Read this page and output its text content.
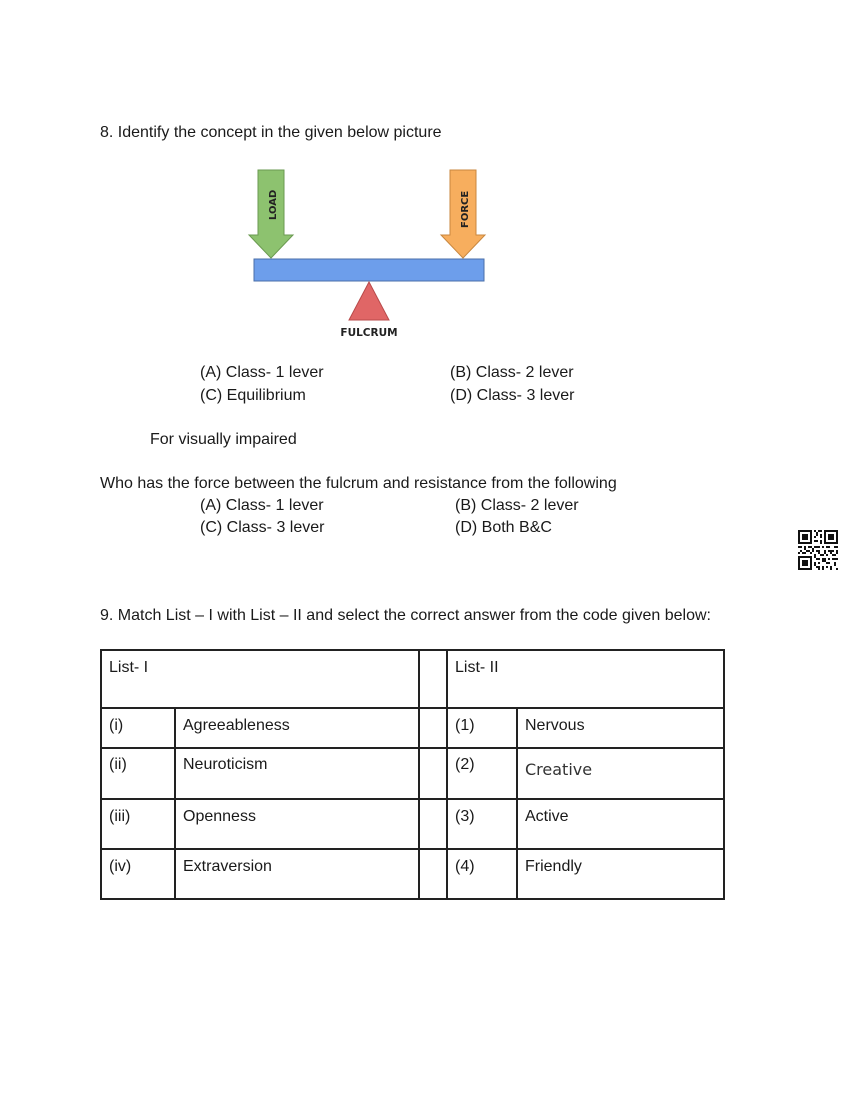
8. Identify the concept in the given below picture
LOAD	FORCE
FULCRUM
(A) Class- 1 lever	(B) Class- 2 lever
(C) Equilibrium	(D) Class- 3 lever
For visually impaired
Who has the force between the fulcrum and resistance from the following
(A) Class- 1 lever	(B) Class- 2 lever
(C) Class- 3 lever	(D) Both B&C
9. Match List – I with List – II and select the correct answer from the code given below:
List- I			List- II	
(i)	Agreeableness		(1)	Nervous
(ii)	Neuroticism		(2)	Creative
(iii)	Openness		(3)	Active
(iv)	Extraversion		(4)	Friendly
